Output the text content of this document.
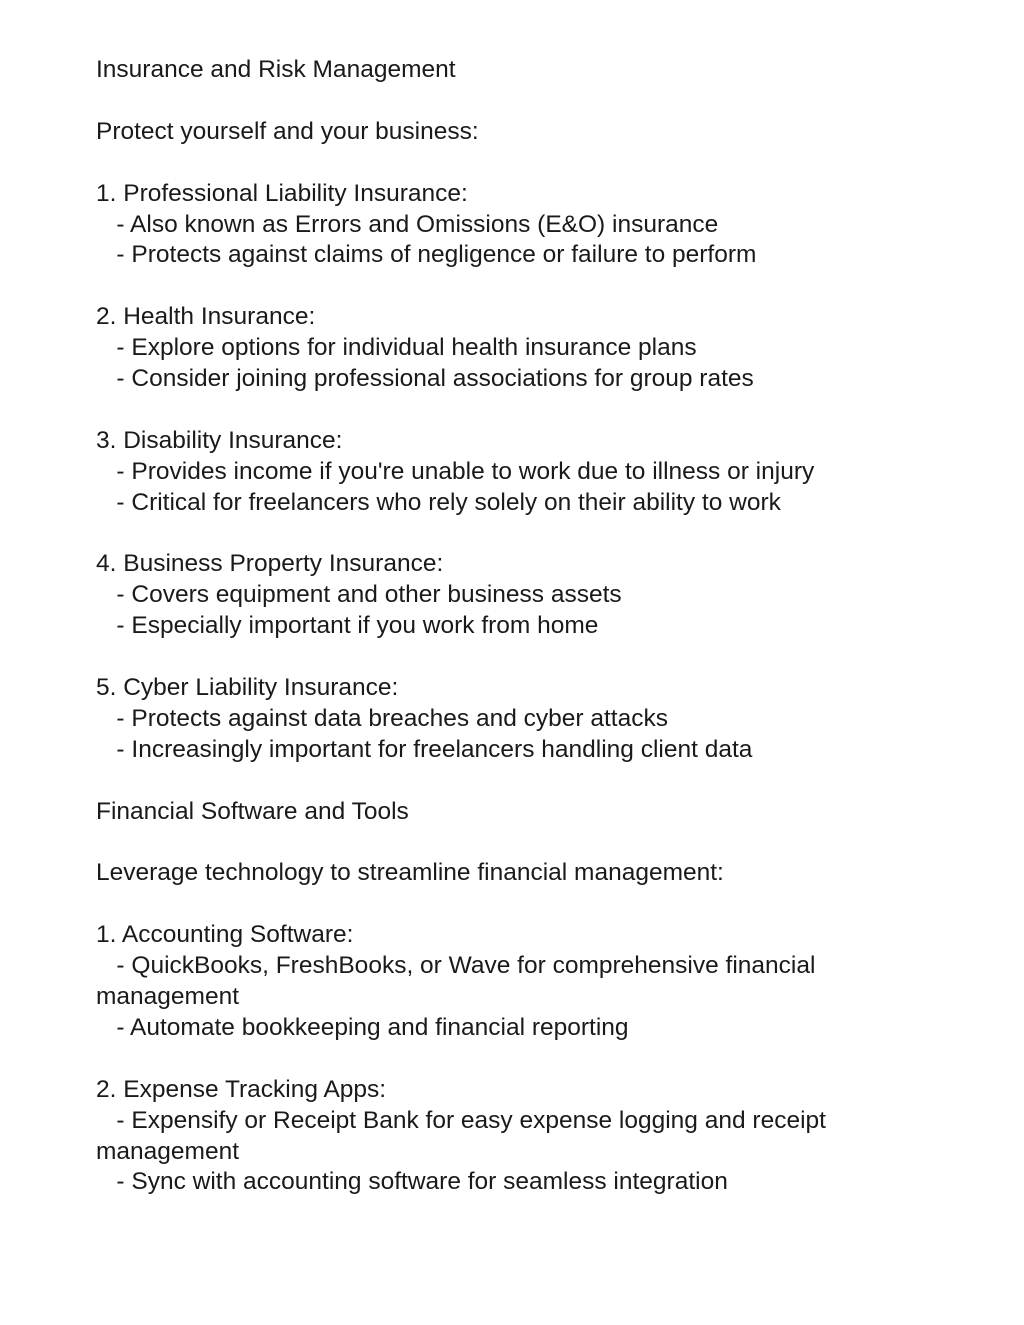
Insurance and Risk Management
Protect yourself and your business:
1. Professional Liability Insurance:
- Also known as Errors and Omissions (E&O) insurance
- Protects against claims of negligence or failure to perform
2. Health Insurance:
- Explore options for individual health insurance plans
- Consider joining professional associations for group rates
3. Disability Insurance:
- Provides income if you're unable to work due to illness or injury
- Critical for freelancers who rely solely on their ability to work
4. Business Property Insurance:
- Covers equipment and other business assets
- Especially important if you work from home
5. Cyber Liability Insurance:
- Protects against data breaches and cyber attacks
- Increasingly important for freelancers handling client data
Financial Software and Tools
Leverage technology to streamline financial management:
1. Accounting Software:
- QuickBooks, FreshBooks, or Wave for comprehensive financial management
- Automate bookkeeping and financial reporting
2. Expense Tracking Apps:
- Expensify or Receipt Bank for easy expense logging and receipt management
- Sync with accounting software for seamless integration
